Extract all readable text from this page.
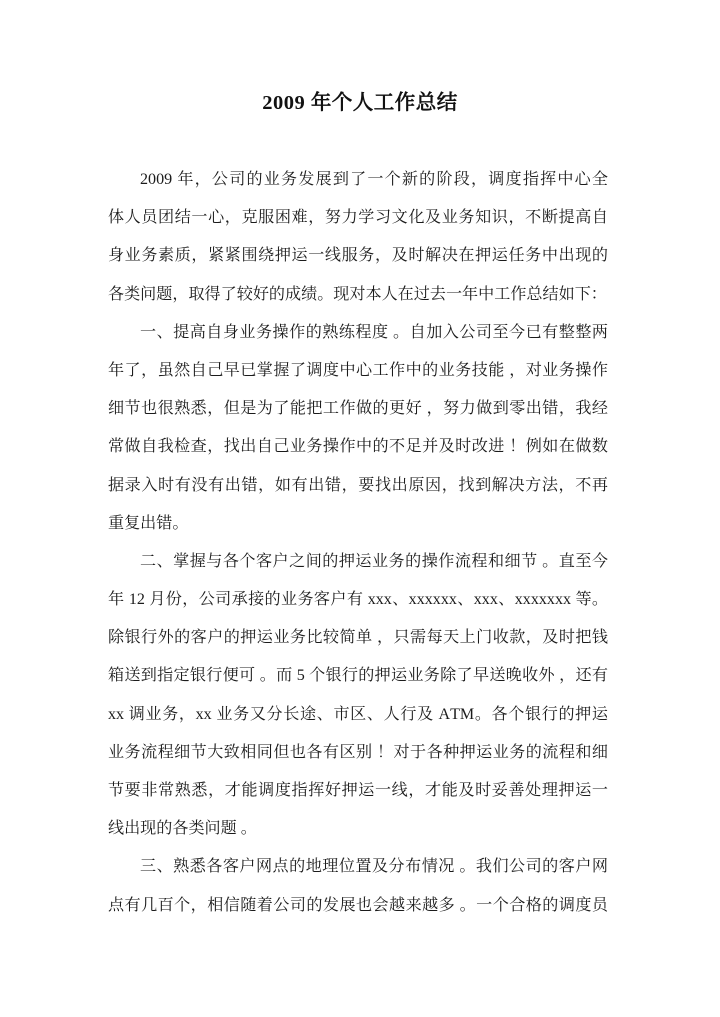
2009 年个人工作总结
2009 年，公司的业务发展到了一个新的阶段，调度指挥中心全
体人员团结一心，克服困难，努力学习文化及业务知识，不断提高自
身业务素质，紧紧围绕押运一线服务，及时解决在押运任务中出现的
各类问题，取得了较好的成绩。现对本人在过去一年中工作总结如下：
一、提高自身业务操作的熟练程度 。自加入公司至今已有整整两
年了，虽然自己早已掌握了调度中心工作中的业务技能 ，对业务操作
细节也很熟悉，但是为了能把工作做的更好 ，努力做到零出错，我经
常做自我检查，找出自己业务操作中的不足并及时改进 ！例如在做数
据录入时有没有出错，如有出错，要找出原因，找到解决方法，不再
重复出错。
二、掌握与各个客户之间的押运业务的操作流程和细节 。直至今
年 12 月份，公司承接的业务客户有 xxx、xxxxxx、xxx、xxxxxxx 等。
除银行外的客户的押运业务比较简单 ，只需每天上门收款，及时把钱
箱送到指定银行便可 。而 5 个银行的押运业务除了早送晚收外 ，还有
xx 调业务，xx 业务又分长途、市区、人行及 ATM。各个银行的押运
业务流程细节大致相同但也各有区别 ！对于各种押运业务的流程和细
节要非常熟悉，才能调度指挥好押运一线，才能及时妥善处理押运一
线出现的各类问题 。
三、熟悉各客户网点的地理位置及分布情况 。我们公司的客户网
点有几百个，相信随着公司的发展也会越来越多 。一个合格的调度员
